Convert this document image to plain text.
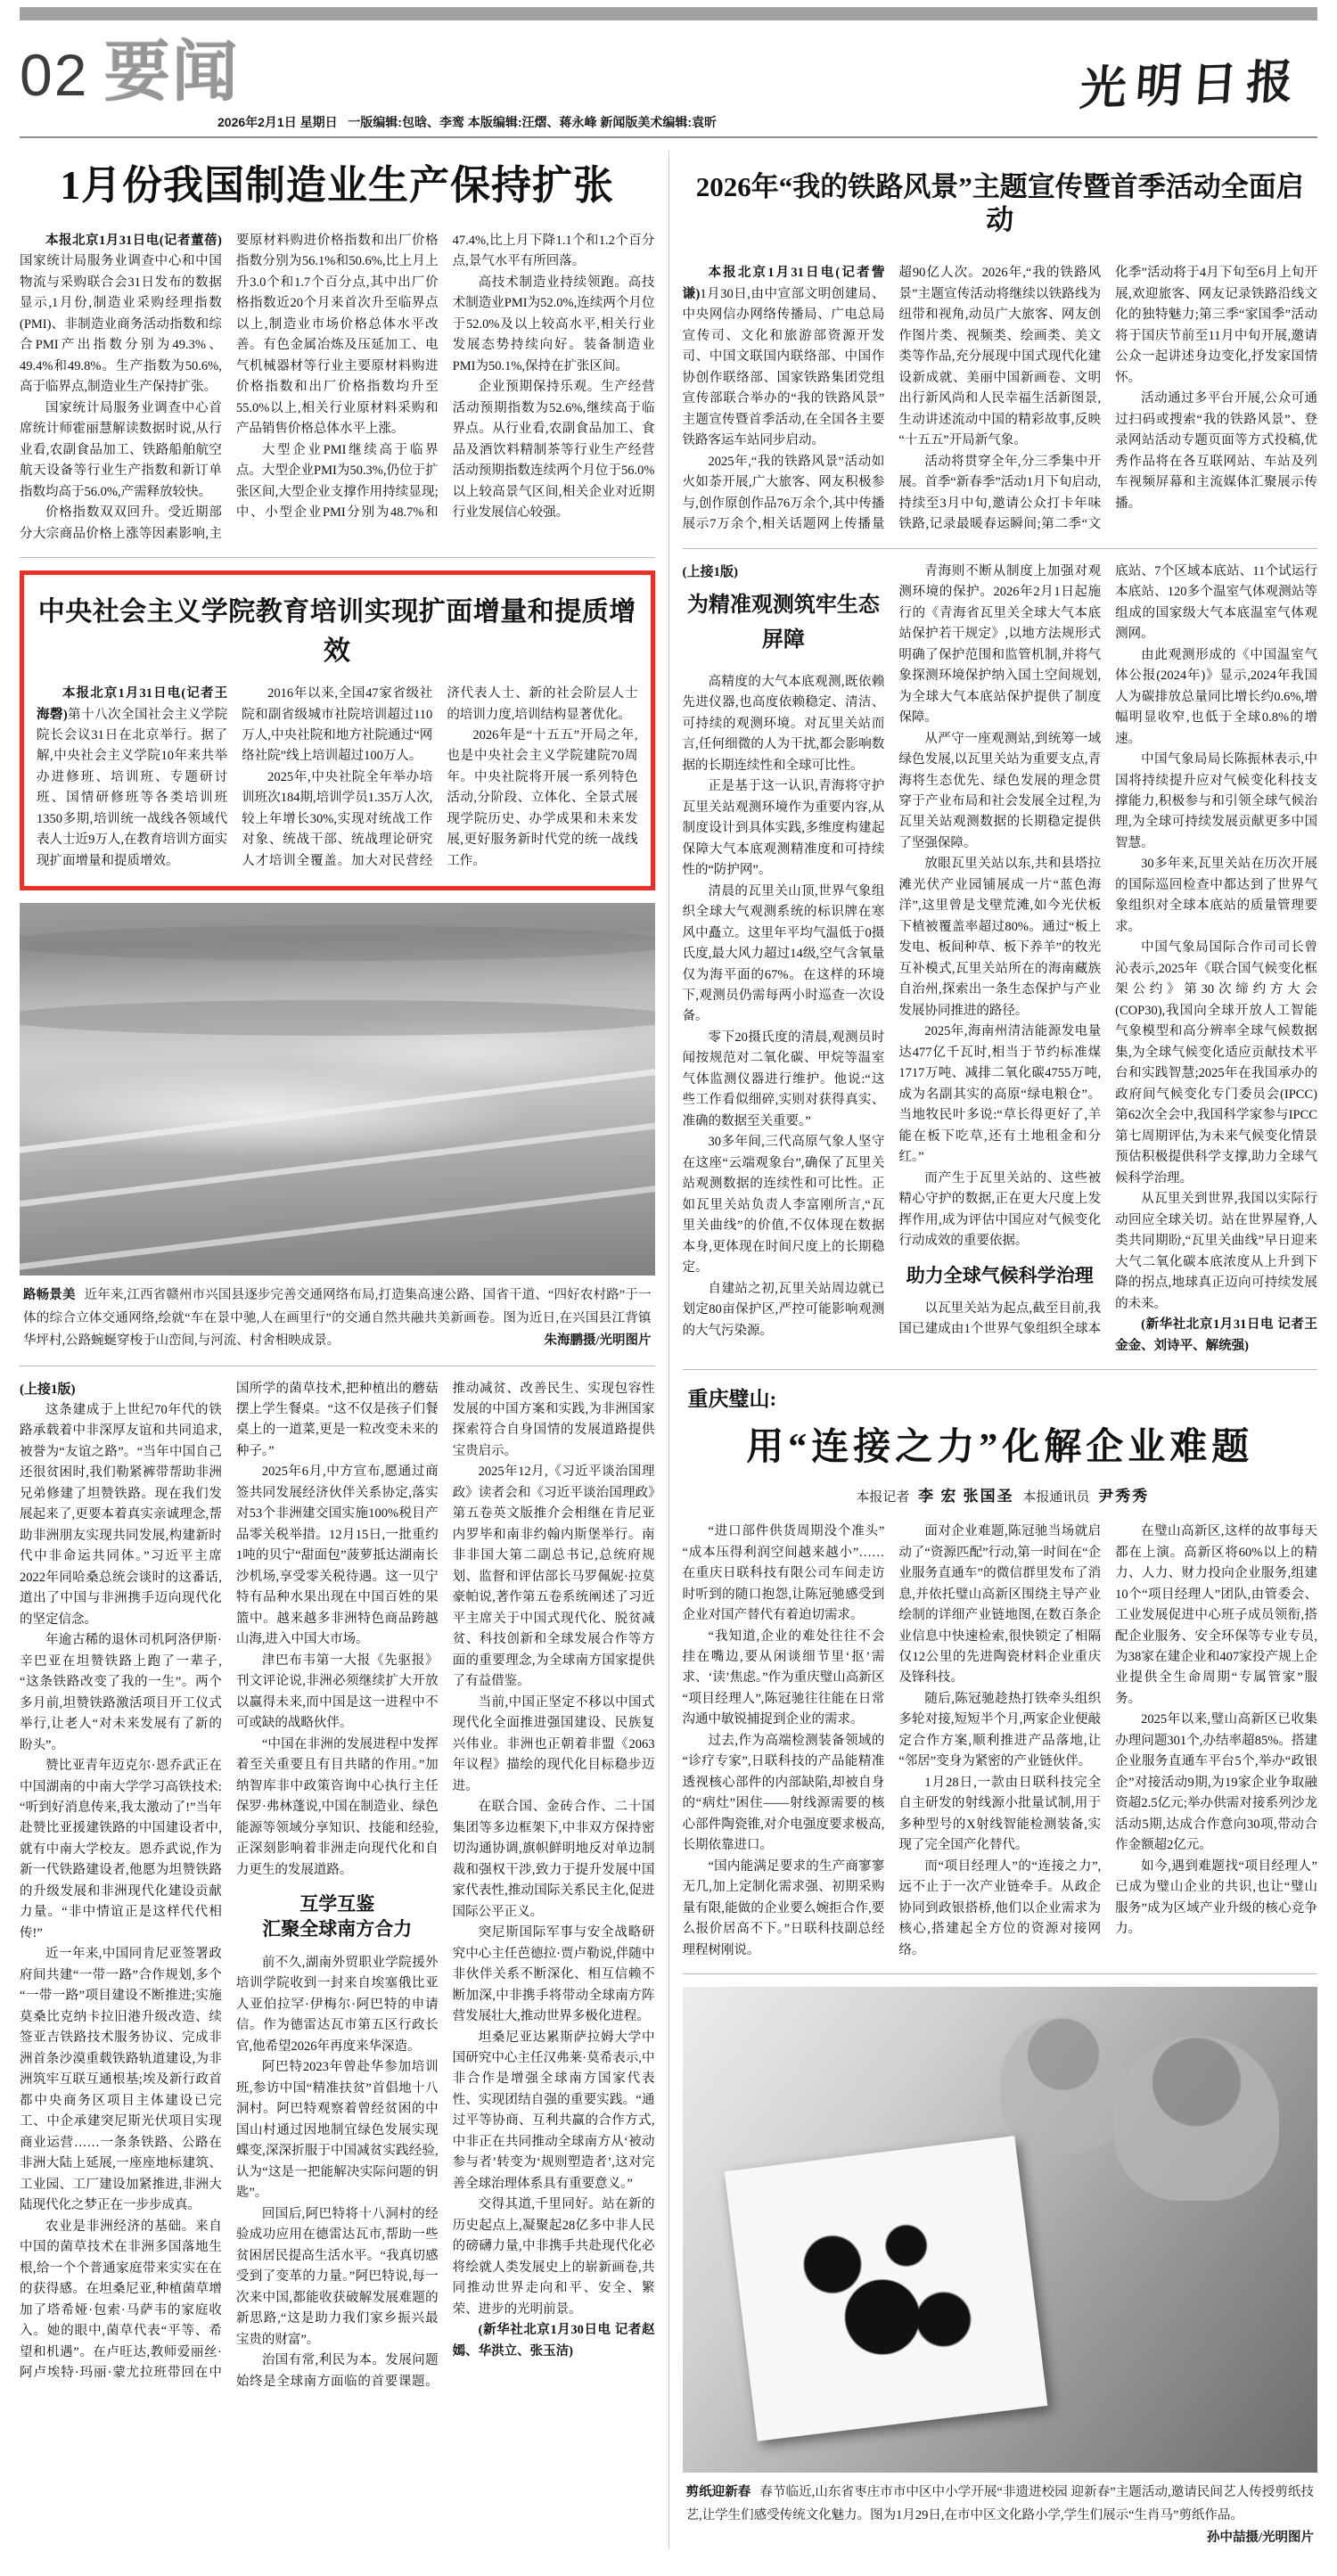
02 要闻
2026年2月1日 星期日 一版编辑:包晗、李鸾 本版编辑:汪熠、蒋永峰 新闻版美术编辑:袁昕
光明日报
1月份我国制造业生产保持扩张

本报北京1月31日电(记者董蓓)国家统计局服务业调查中心和中国物流与采购联合会31日发布的数据显示,1月份,制造业采购经理指数(PMI)、非制造业商务活动指数和综合PMI产出指数分别为49.3%、49.4%和49.8%。生产指数为50.6%,高于临界点,制造业生产保持扩张。

国家统计局服务业调查中心首席统计师霍丽慧解读数据时说,从行业看,农副食品加工、铁路船舶航空航天设备等行业生产指数和新订单指数均高于56.0%,产需释放较快。

价格指数双双回升。受近期部分大宗商品价格上涨等因素影响,主要原材料购进价格指数和出厂价格指数分别为56.1%和50.6%,比上月上升3.0个和1.7个百分点,其中出厂价格指数近20个月来首次升至临界点以上,制造业市场价格总体水平改善。有色金属冶炼及压延加工、电气机械器材等行业主要原材料购进价格指数和出厂价格指数均升至55.0%以上,相关行业原材料采购和产品销售价格总体水平上涨。

大型企业PMI继续高于临界点。大型企业PMI为50.3%,仍位于扩张区间,大型企业支撑作用持续显现;中、小型企业PMI分别为48.7%和47.4%,比上月下降1.1个和1.2个百分点,景气水平有所回落。

高技术制造业持续领跑。高技术制造业PMI为52.0%,连续两个月位于52.0%及以上较高水平,相关行业发展态势持续向好。装备制造业PMI为50.1%,保持在扩张区间。

企业预期保持乐观。生产经营活动预期指数为52.6%,继续高于临界点。从行业看,农副食品加工、食品及酒饮料精制茶等行业生产经营活动预期指数连续两个月位于56.0%以上较高景气区间,相关企业对近期行业发展信心较强。

中央社会主义学院教育培训实现扩面增量和提质增效

本报北京1月31日电(记者王海磬)第十八次全国社会主义学院院长会议31日在北京举行。据了解,中央社会主义学院10年来共举办进修班、培训班、专题研讨班、国情研修班等各类培训班1350多期,培训统一战线各领域代表人士近9万人,在教育培训方面实现扩面增量和提质增效。

2016年以来,全国47家省级社院和副省级城市社院培训超过110万人,中央社院和地方社院通过“网络社院”线上培训超过100万人。

2025年,中央社院全年举办培训班次184期,培训学员1.35万人次,较上年增长30%,实现对统战工作对象、统战干部、统战理论研究人才培训全覆盖。加大对民营经济代表人士、新的社会阶层人士的培训力度,培训结构显著优化。

2026年是“十五五”开局之年,也是中央社会主义学院建院70周年。中央社院将开展一系列特色活动,分阶段、立体化、全景式展现学院历史、办学成果和未来发展,更好服务新时代党的统一战线工作。

路畅景美 近年来,江西省赣州市兴国县逐步完善交通网络布局,打造集高速公路、国省干道、“四好农村路”于一体的综合立体交通网络,绘就“车在景中驰,人在画里行”的交通自然共融共美新画卷。图为近日,在兴国县江背镇华坪村,公路蜿蜒穿梭于山峦间,与河流、村舍相映成景。	朱海鹏摄/光明图片

(上接1版)

这条建成于上世纪70年代的铁路承载着中非深厚友谊和共同追求,被誉为“友谊之路”。“当年中国自己还很贫困时,我们勒紧裤带帮助非洲兄弟修建了坦赞铁路。现在我们发展起来了,更要本着真实亲诚理念,帮助非洲朋友实现共同发展,构建新时代中非命运共同体。”习近平主席2022年同哈桑总统会谈时的这番话,道出了中国与非洲携手迈向现代化的坚定信念。

年逾古稀的退休司机阿洛伊斯·辛巴亚在坦赞铁路上跑了一辈子,“这条铁路改变了我的一生”。两个多月前,坦赞铁路激活项目开工仪式举行,让老人“对未来发展有了新的盼头”。

赞比亚青年迈克尔·恩乔武正在中国湖南的中南大学学习高铁技术:“听到好消息传来,我太激动了!”当年赴赞比亚援建铁路的中国建设者中,就有中南大学校友。恩乔武说,作为新一代铁路建设者,他愿为坦赞铁路的升级发展和非洲现代化建设贡献力量。“非中情谊正是这样代代相传!”

近一年来,中国同肯尼亚签署政府间共建“一带一路”合作规划,多个“一带一路”项目建设不断推进;实施莫桑比克纳卡拉旧港升级改造、续签亚吉铁路技术服务协议、完成非洲首条沙漠重载铁路轨道建设,为非洲筑牢互联互通根基;埃及新行政首都中央商务区项目主体建设已完工、中企承建突尼斯光伏项目实现商业运营……一条条铁路、公路在非洲大陆上延展,一座座地标建筑、工业园、工厂建设加紧推进,非洲大陆现代化之梦正在一步步成真。

农业是非洲经济的基础。来自中国的菌草技术在非洲多国落地生根,给一个个普通家庭带来实实在在的获得感。在坦桑尼亚,种植菌草增加了塔希娅·包索·马萨韦的家庭收入。她的眼中,菌草代表“平等、希望和机遇”。在卢旺达,教师爱丽丝·阿卢埃特·玛丽·蒙尤拉班带回在中国所学的菌草技术,把种植出的蘑菇摆上学生餐桌。“这不仅是孩子们餐桌上的一道菜,更是一粒改变未来的种子。”

2025年6月,中方宣布,愿通过商签共同发展经济伙伴关系协定,落实对53个非洲建交国实施100%税目产品零关税举措。12月15日,一批重约1吨的贝宁“甜面包”菠萝抵达湖南长沙机场,享受零关税待遇。这一贝宁特有品种水果出现在中国百姓的果篮中。越来越多非洲特色商品跨越山海,进入中国大市场。

津巴布韦第一大报《先驱报》刊文评论说,非洲必须继续扩大开放以赢得未来,而中国是这一进程中不可或缺的战略伙伴。

“中国在非洲的发展进程中发挥着至关重要且有目共睹的作用。”加纳智库非中政策咨询中心执行主任保罗·弗林蓬说,中国在制造业、绿色能源等领域分享知识、技能和经验,正深刻影响着非洲走向现代化和自力更生的发展道路。

互学互鉴
汇聚全球南方合力

前不久,湖南外贸职业学院援外培训学院收到一封来自埃塞俄比亚人亚伯拉罕·伊梅尔·阿巴特的申请信。作为德雷达瓦市第五区行政长官,他希望2026年再度来华深造。

阿巴特2023年曾赴华参加培训班,参访中国“精准扶贫”首倡地十八洞村。阿巴特观察着曾经贫困的中国山村通过因地制宜绿色发展实现蝶变,深深折服于中国减贫实践经验,认为“这是一把能解决实际问题的钥匙”。

回国后,阿巴特将十八洞村的经验成功应用在德雷达瓦市,帮助一些贫困居民提高生活水平。“我真切感受到了变革的力量。”阿巴特说,每一次来中国,都能收获破解发展难题的新思路,“这是助力我们家乡振兴最宝贵的财富”。

治国有常,利民为本。发展问题始终是全球南方面临的首要课题。推动减贫、改善民生、实现包容性发展的中国方案和实践,为非洲国家探索符合自身国情的发展道路提供宝贵启示。

2025年12月,《习近平谈治国理政》读者会和《习近平谈治国理政》第五卷英文版推介会相继在肯尼亚内罗毕和南非约翰内斯堡举行。南非非国大第二副总书记,总统府规划、监督和评估部长马罗佩妮·拉莫豪帕说,著作第五卷系统阐述了习近平主席关于中国式现代化、脱贫减贫、科技创新和全球发展合作等方面的重要理念,为全球南方国家提供了有益借鉴。

当前,中国正坚定不移以中国式现代化全面推进强国建设、民族复兴伟业。非洲也正朝着非盟《2063年议程》描绘的现代化目标稳步迈进。

在联合国、金砖合作、二十国集团等多边框架下,中非双方保持密切沟通协调,旗帜鲜明地反对单边制裁和强权干涉,致力于提升发展中国家代表性,推动国际关系民主化,促进国际公平正义。

突尼斯国际军事与安全战略研究中心主任芭德拉·贾卢勒说,伴随中非伙伴关系不断深化、相互信赖不断加深,中非携手将带动全球南方阵营发展壮大,推动世界多极化进程。

坦桑尼亚达累斯萨拉姆大学中国研究中心主任汉弗莱·莫希表示,中非合作是增强全球南方国家代表性、实现团结自强的重要实践。“通过平等协商、互利共赢的合作方式,中非正在共同推动全球南方从‘被动参与者’转变为‘规则塑造者’,这对完善全球治理体系具有重要意义。”

交得其道,千里同好。站在新的历史起点上,凝聚起28亿多中非人民的磅礴力量,中非携手共赴现代化必将绘就人类发展史上的崭新画卷,共同推动世界走向和平、安全、繁荣、进步的光明前景。

(新华社北京1月30日电 记者赵嫣、华洪立、张玉洁)

2026年“我的铁路风景”主题宣传暨首季活动全面启动

本报北京1月31日电(记者訾谦)1月30日,由中宣部文明创建局、中央网信办网络传播局、广电总局宣传司、文化和旅游部资源开发司、中国文联国内联络部、中国作协创作联络部、国家铁路集团党组宣传部联合举办的“我的铁路风景”主题宣传暨首季活动,在全国各主要铁路客运车站同步启动。

2025年,“我的铁路风景”活动如火如荼开展,广大旅客、网友积极参与,创作原创作品76万余个,其中传播展示7万余个,相关话题网上传播量超90亿人次。2026年,“我的铁路风景”主题宣传活动将继续以铁路线为纽带和视角,动员广大旅客、网友创作图片类、视频类、绘画类、美文类等作品,充分展现中国式现代化建设新成就、美丽中国新画卷、文明出行新风尚和人民幸福生活新图景,生动讲述流动中国的精彩故事,反映“十五五”开局新气象。

活动将贯穿全年,分三季集中开展。首季“新春季”活动1月下旬启动,持续至3月中旬,邀请公众打卡年味铁路,记录最暖春运瞬间;第二季“文化季”活动将于4月下旬至6月上旬开展,欢迎旅客、网友记录铁路沿线文化的独特魅力;第三季“家国季”活动将于国庆节前至11月中旬开展,邀请公众一起讲述身边变化,抒发家国情怀。

活动通过多平台开展,公众可通过扫码或搜索“我的铁路风景”、登录网站活动专题页面等方式投稿,优秀作品将在各互联网站、车站及列车视频屏幕和主流媒体汇聚展示传播。

(上接1版)

为精准观测筑牢生态屏障

高精度的大气本底观测,既依赖先进仪器,也高度依赖稳定、清洁、可持续的观测环境。对瓦里关站而言,任何细微的人为干扰,都会影响数据的长期连续性和全球可比性。

正是基于这一认识,青海将守护瓦里关站观测环境作为重要内容,从制度设计到具体实践,多维度构建起保障大气本底观测精准度和可持续性的“防护网”。

清晨的瓦里关山顶,世界气象组织全球大气观测系统的标识牌在寒风中矗立。这里年平均气温低于0摄氏度,最大风力超过14级,空气含氧量仅为海平面的67%。在这样的环境下,观测员仍需每两小时巡查一次设备。

零下20摄氏度的清晨,观测员时闻按规范对二氧化碳、甲烷等温室气体监测仪器进行维护。他说:“这些工作看似细碎,实则对获得真实、准确的数据至关重要。”

30多年间,三代高原气象人坚守在这座“云端观象台”,确保了瓦里关站观测数据的连续性和可比性。正如瓦里关站负责人李富刚所言,“瓦里关曲线”的价值,不仅体现在数据本身,更体现在时间尺度上的长期稳定。

自建站之初,瓦里关站周边就已划定80亩保护区,严控可能影响观测的大气污染源。

青海则不断从制度上加强对观测环境的保护。2026年2月1日起施行的《青海省瓦里关全球大气本底站保护若干规定》,以地方法规形式明确了保护范围和监管机制,并将气象探测环境保护纳入国土空间规划,为全球大气本底站保护提供了制度保障。

从严守一座观测站,到统筹一域绿色发展,以瓦里关站为重要支点,青海将生态优先、绿色发展的理念贯穿于产业布局和社会发展全过程,为瓦里关站观测数据的长期稳定提供了坚强保障。

放眼瓦里关站以东,共和县塔拉滩光伏产业园铺展成一片“蓝色海洋”,这里曾是戈壁荒滩,如今光伏板下植被覆盖率超过80%。通过“板上发电、板间种草、板下养羊”的牧光互补模式,瓦里关站所在的海南藏族自治州,探索出一条生态保护与产业发展协同推进的路径。

2025年,海南州清洁能源发电量达477亿千瓦时,相当于节约标准煤1717万吨、减排二氧化碳4755万吨,成为名副其实的高原“绿电粮仓”。当地牧民叶多说:“草长得更好了,羊能在板下吃草,还有土地租金和分红。”

而产生于瓦里关站的、这些被精心守护的数据,正在更大尺度上发挥作用,成为评估中国应对气候变化行动成效的重要依据。

助力全球气候科学治理

以瓦里关站为起点,截至目前,我国已建成由1个世界气象组织全球本底站、7个区域本底站、11个试运行本底站、120多个温室气体观测站等组成的国家级大气本底温室气体观测网。

由此观测形成的《中国温室气体公报(2024年)》显示,2024年我国人为碳排放总量同比增长约0.6%,增幅明显收窄,也低于全球0.8%的增速。

中国气象局局长陈振林表示,中国将持续提升应对气候变化科技支撑能力,积极参与和引领全球气候治理,为全球可持续发展贡献更多中国智慧。

30多年来,瓦里关站在历次开展的国际巡回检查中都达到了世界气象组织对全球本底站的质量管理要求。

中国气象局国际合作司司长曾沁表示,2025年《联合国气候变化框架公约》第30次缔约方大会(COP30),我国向全球开放人工智能气象模型和高分辨率全球气候数据集,为全球气候变化适应贡献技术平台和实践智慧;2025年在我国承办的政府间气候变化专门委员会(IPCC)第62次全会中,我国科学家参与IPCC第七周期评估,为未来气候变化情景预估积极提供科学支撑,助力全球气候科学治理。

从瓦里关到世界,我国以实际行动回应全球关切。站在世界屋脊,人类共同期盼,“瓦里关曲线”早日迎来大气二氧化碳本底浓度从上升到下降的拐点,地球真正迈向可持续发展的未来。

(新华社北京1月31日电 记者王金金、刘诗平、解统强)

重庆璧山:
用“连接之力”化解企业难题

本报记者 李 宏 张国圣 本报通讯员 尹秀秀

“进口部件供货周期没个准头”“成本压得利润空间越来越小”……在重庆日联科技有限公司车间走访时听到的随口抱怨,让陈冠驰感受到企业对国产替代有着迫切需求。

“我知道,企业的难处往往不会挂在嘴边,要从闲谈细节里‘抠’需求、‘读’焦虑。”作为重庆璧山高新区“项目经理人”,陈冠驰往往能在日常沟通中敏锐捕捉到企业的需求。

过去,作为高端检测装备领域的“诊疗专家”,日联科技的产品能精准透视核心部件的内部缺陷,却被自身的“病灶”困住——射线源需要的核心部件陶瓷锥,对介电强度要求极高,长期依靠进口。

“国内能满足要求的生产商寥寥无几,加上定制化需求强、初期采购量有限,能做的企业要么婉拒合作,要么报价居高不下。”日联科技副总经理程树刚说。

面对企业难题,陈冠驰当场就启动了“资源匹配”行动,第一时间在“企业服务直通车”的微信群里发布了消息,并依托璧山高新区围绕主导产业绘制的详细产业链地图,在数百条企业信息中快速检索,很快锁定了相隔仅12公里的先进陶瓷材料企业重庆及锋科技。

随后,陈冠驰趁热打铁牵头组织多轮对接,短短半个月,两家企业便敲定合作方案,顺利推进产品落地,让“邻居”变身为紧密的产业链伙伴。

1月28日,一款由日联科技完全自主研发的射线源小批量试制,用于多种型号的X射线智能检测装备,实现了完全国产化替代。

而“项目经理人”的“连接之力”,远不止于一次产业链牵手。从政企协同到政银搭桥,他们以企业需求为核心,搭建起全方位的资源对接网络。

在璧山高新区,这样的故事每天都在上演。高新区将60%以上的精力、人力、财力投向企业服务,组建10个“项目经理人”团队,由管委会、工业发展促进中心班子成员领衔,搭配企业服务、安全环保等专业专员,为38家在建企业和407家投产规上企业提供全生命周期“专属管家”服务。

2025年以来,璧山高新区已收集办理问题301个,办结率超85%。搭建企业服务直通车平台5个,举办“政银企”对接活动9期,为19家企业争取融资超2.5亿元;举办供需对接系列沙龙活动5期,达成合作意向30项,带动合作金额超2亿元。

如今,遇到难题找“项目经理人”已成为璧山企业的共识,也让“璧山服务”成为区域产业升级的核心竞争力。

剪纸迎新春 春节临近,山东省枣庄市市中区中小学开展“非遗进校园 迎新春”主题活动,邀请民间艺人传授剪纸技艺,让学生们感受传统文化魅力。图为1月29日,在市中区文化路小学,学生们展示“生肖马”剪纸作品。
孙中喆摄/光明图片
